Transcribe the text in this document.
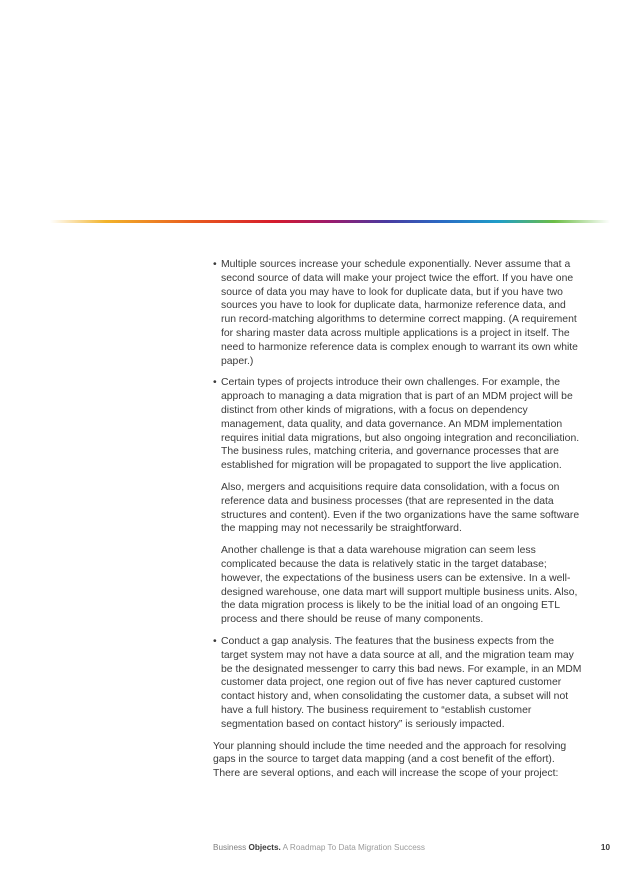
• Multiple sources increase your schedule exponentially. Never assume that a second source of data will make your project twice the effort. If you have one source of data you may have to look for duplicate data, but if you have two sources you have to look for duplicate data, harmonize reference data, and run record-matching algorithms to determine correct mapping. (A requirement for sharing master data across multiple applications is a project in itself. The need to harmonize reference data is complex enough to warrant its own white paper.)
• Certain types of projects introduce their own challenges. For example, the approach to managing a data migration that is part of an MDM project will be distinct from other kinds of migrations, with a focus on dependency management, data quality, and data governance. An MDM implementation requires initial data migrations, but also ongoing integration and reconciliation. The business rules, matching criteria, and governance processes that are established for migration will be propagated to support the live application.
Also, mergers and acquisitions require data consolidation, with a focus on reference data and business processes (that are represented in the data structures and content). Even if the two organizations have the same software the mapping may not necessarily be straightforward.
Another challenge is that a data warehouse migration can seem less complicated because the data is relatively static in the target database; however, the expectations of the business users can be extensive. In a well-designed warehouse, one data mart will support multiple business units. Also, the data migration process is likely to be the initial load of an ongoing ETL process and there should be reuse of many components.
• Conduct a gap analysis. The features that the business expects from the target system may not have a data source at all, and the migration team may be the designated messenger to carry this bad news. For example, in an MDM customer data project, one region out of five has never captured customer contact history and, when consolidating the customer data, a subset will not have a full history. The business requirement to “establish customer segmentation based on contact history” is seriously impacted.
Your planning should include the time needed and the approach for resolving gaps in the source to target data mapping (and a cost benefit of the effort). There are several options, and each will increase the scope of your project:
Business Objects. A Roadmap To Data Migration Success	10
